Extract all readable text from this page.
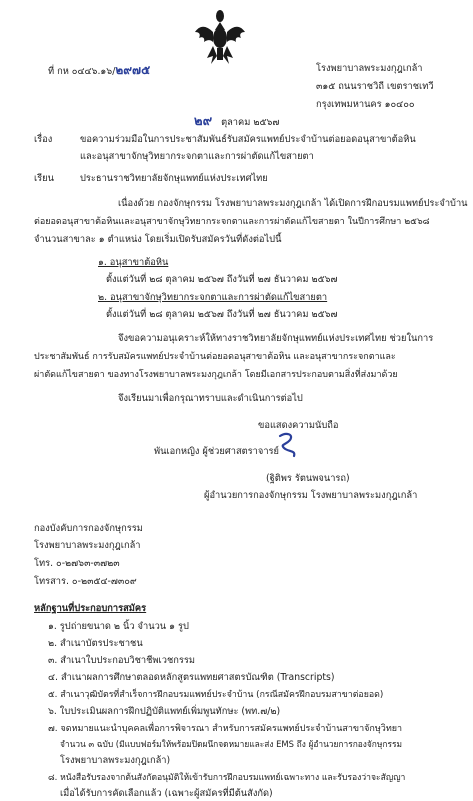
ที่ กห ๐๔๔๖.๑๖/๒๙๗๕	โรงพยาบาลพระมงกุฎเกล้า
๓๑๕ ถนนราชวิถี เขตราชเทวี
กรุงเทพมหานคร ๑๐๔๐๐
๒๙ ตุลาคม ๒๕๖๗
เรื่อง	ขอความร่วมมือในการประชาสัมพันธ์รับสมัครแพทย์ประจำบ้านต่อยอดอนุสาขาต้อหิน
และอนุสาขาจักษุวิทยากระจกตาและการผ่าตัดแก้ไขสายตา
เรียน	ประธานราชวิทยาลัยจักษุแพทย์แห่งประเทศไทย
เนื่องด้วย กองจักษุกรรม โรงพยาบาลพระมงกุฎเกล้า ได้เปิดการฝึกอบรมแพทย์ประจำบ้าน
ต่อยอดอนุสาขาต้อหินและอนุสาขาจักษุวิทยากระจกตาและการผ่าตัดแก้ไขสายตา ในปีการศึกษา ๒๕๖๘
จำนวนสาขาละ ๑ ตำแหน่ง โดยเริ่มเปิดรับสมัครวันที่ดังต่อไปนี้
๑. อนุสาขาต้อหิน
ตั้งแต่วันที่ ๒๘ ตุลาคม ๒๕๖๗ ถึงวันที่ ๒๗ ธันวาคม ๒๕๖๗
๒. อนุสาขาจักษุวิทยากระจกตาและการผ่าตัดแก้ไขสายตา
ตั้งแต่วันที่ ๒๘ ตุลาคม ๒๕๖๗ ถึงวันที่ ๒๗ ธันวาคม ๒๕๖๗
จึงขอความอนุเคราะห์ให้ทางราชวิทยาลัยจักษุแพทย์แห่งประเทศไทย ช่วยในการ
ประชาสัมพันธ์ การรับสมัครแพทย์ประจำบ้านต่อยอดอนุสาขาต้อหิน และอนุสาขากระจกตาและ
ผ่าตัดแก้ไขสายตา ของทางโรงพยาบาลพระมงกุฎเกล้า โดยมีเอกสารประกอบตามสิ่งที่ส่งมาด้วย
จึงเรียนมาเพื่อกรุณาทราบและดำเนินการต่อไป
ขอแสดงความนับถือ
พันเอกหญิง ผู้ช่วยศาสตราจารย์
(ฐิติพร รัตนพจนารถ)
ผู้อำนวยการกองจักษุกรรม โรงพยาบาลพระมงกุฎเกล้า
กองบังคับการกองจักษุกรรม
โรงพยาบาลพระมงกุฎเกล้า
โทร. ๐-๒๗๖๓-๓๗๒๓
โทรสาร. ๐-๒๓๕๔-๗๓๐๙
หลักฐานที่ประกอบการสมัคร
๑. รูปถ่ายขนาด ๒ นิ้ว จำนวน ๑ รูป
๒. สำเนาบัตรประชาชน
๓. สำเนาใบประกอบวิชาชีพเวชกรรม
๔. สำเนาผลการศึกษาตลอดหลักสูตรแพทยศาสตรบัณฑิต (Transcripts)
๕. สำเนาวุฒิบัตรที่สำเร็จการฝึกอบรมแพทย์ประจำบ้าน (กรณีสมัครฝึกอบรมสาขาต่อยอด)
๖. ใบประเมินผลการฝึกปฏิบัติแพทย์เพิ่มพูนทักษะ (พท.๗/๒)
๗. จดหมายแนะนำบุคคลเพื่อการพิจารณา สำหรับการสมัครแพทย์ประจำบ้านสาขาจักษุวิทยา
จำนวน ๓ ฉบับ (มีแบบฟอร์มให้พร้อมปิดผนึกจดหมายและส่ง EMS ถึง ผู้อำนวยการกองจักษุกรรม
โรงพยาบาลพระมงกุฎเกล้า)
๘. หนังสือรับรองจากต้นสังกัดอนุมัติให้เข้ารับการฝึกอบรมแพทย์เฉพาะทาง และรับรองว่าจะสัญญา
เมื่อได้รับการคัดเลือกแล้ว (เฉพาะผู้สมัครที่มีต้นสังกัด)
